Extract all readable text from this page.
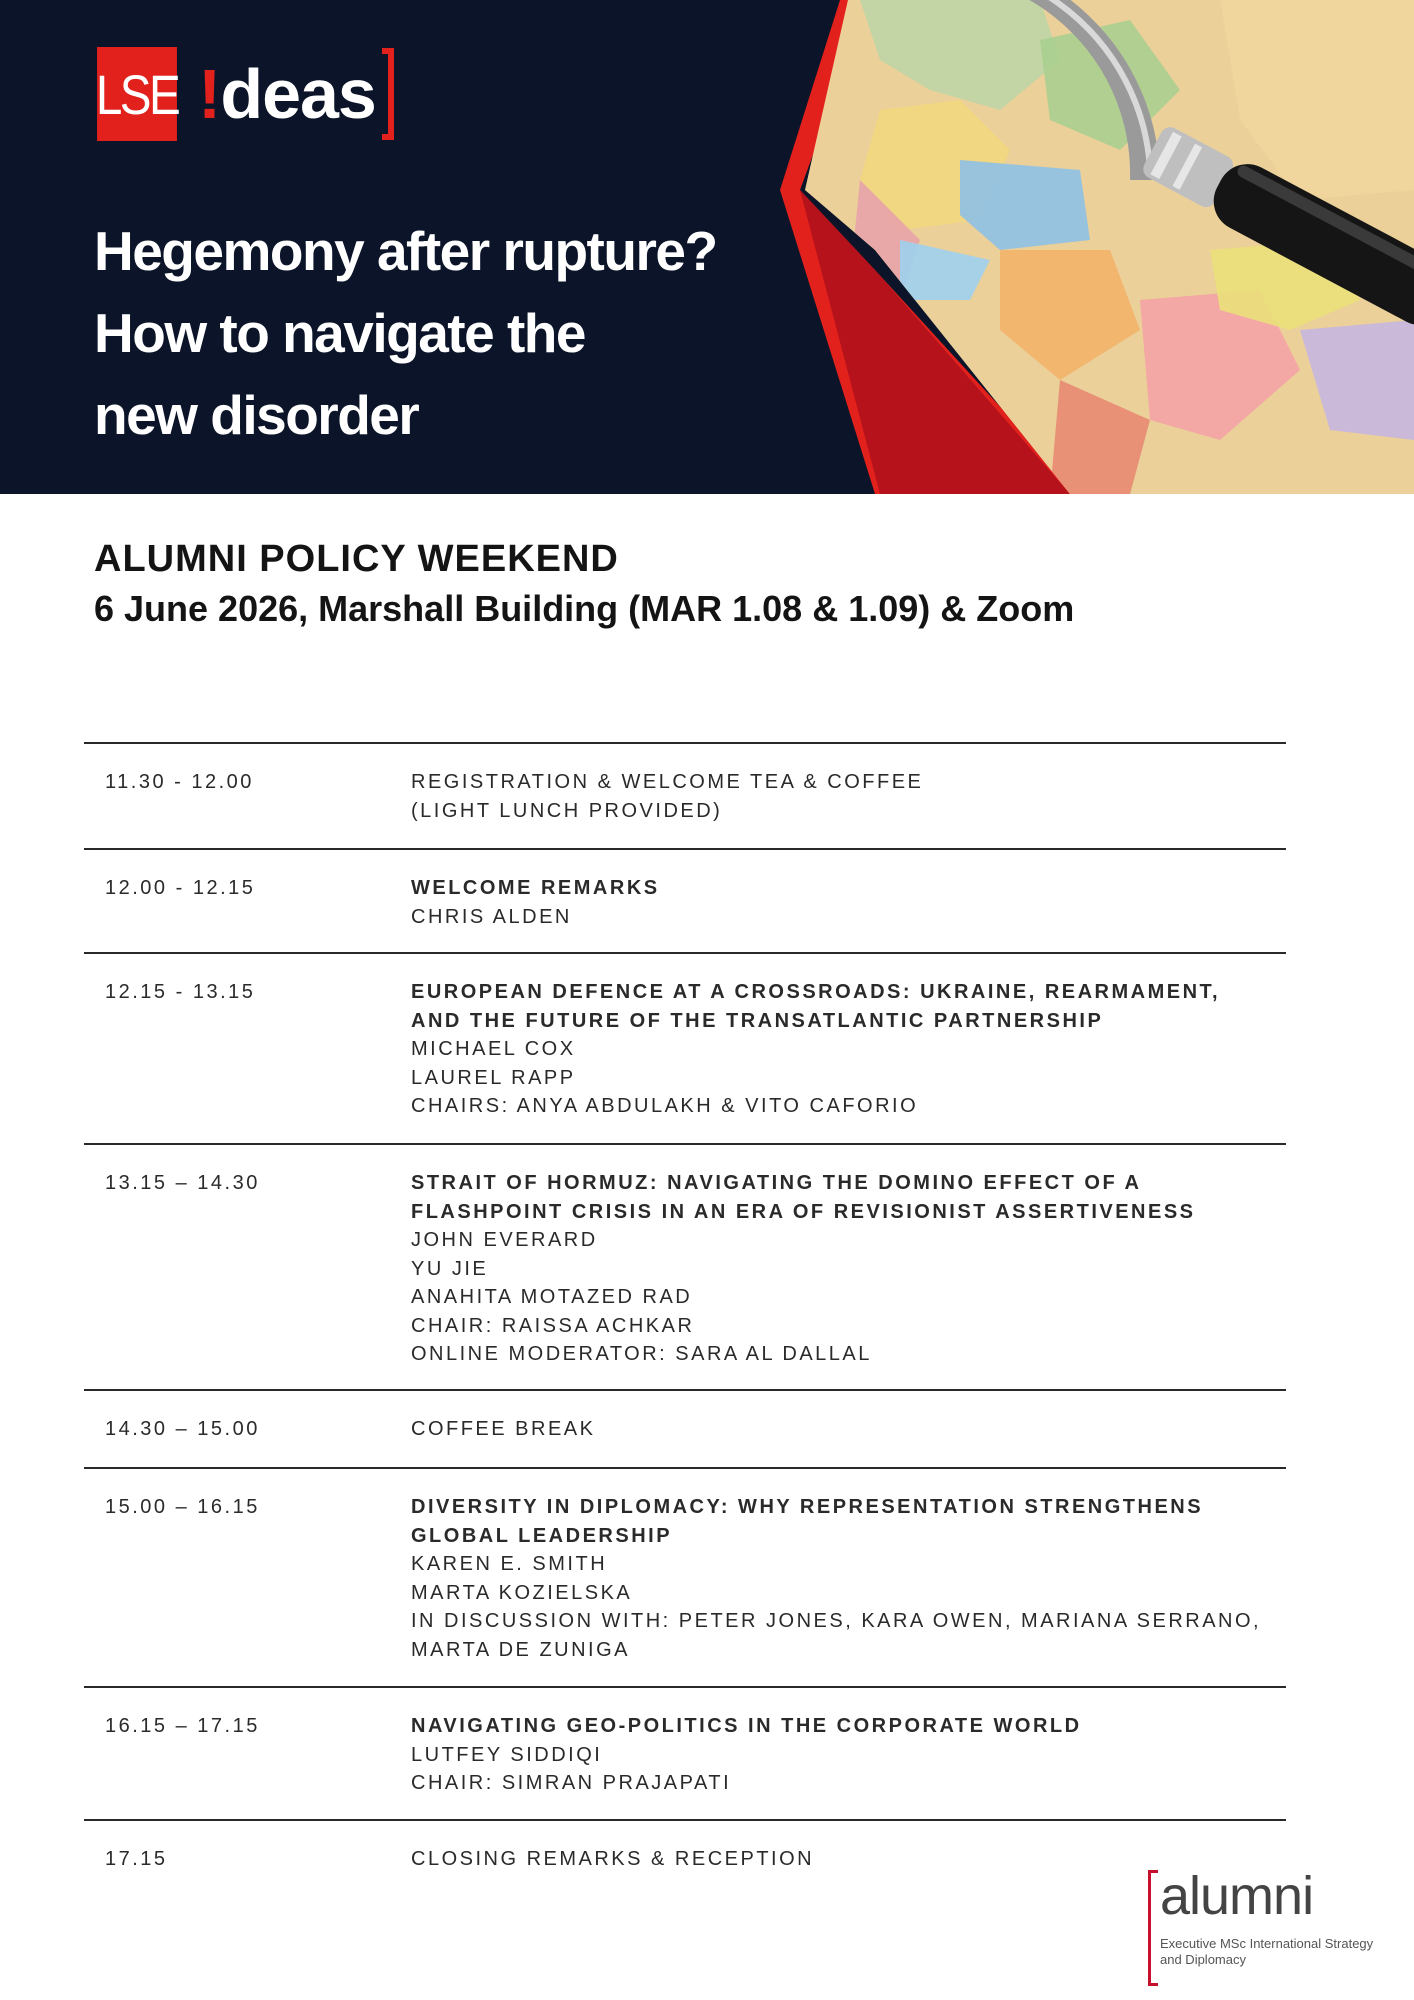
LSE !deas
Hegemony after rupture?
How to navigate the
new disorder
ALUMNI POLICY WEEKEND
6 June 2026, Marshall Building (MAR 1.08 & 1.09) & Zoom
11.30 - 12.00	REGISTRATION & WELCOME TEA & COFFEE
(LIGHT LUNCH PROVIDED)
12.00 - 12.15	WELCOME REMARKS
CHRIS ALDEN
12.15 - 13.15	EUROPEAN DEFENCE AT A CROSSROADS: UKRAINE, REARMAMENT,
AND THE FUTURE OF THE TRANSATLANTIC PARTNERSHIP
MICHAEL COX
LAUREL RAPP
CHAIRS: ANYA ABDULAKH & VITO CAFORIO
13.15 – 14.30	STRAIT OF HORMUZ: NAVIGATING THE DOMINO EFFECT OF A
FLASHPOINT CRISIS IN AN ERA OF REVISIONIST ASSERTIVENESS
JOHN EVERARD
YU JIE
ANAHITA MOTAZED RAD
CHAIR: RAISSA ACHKAR
ONLINE MODERATOR: SARA AL DALLAL
14.30 – 15.00	COFFEE BREAK
15.00 – 16.15	DIVERSITY IN DIPLOMACY: WHY REPRESENTATION STRENGTHENS
GLOBAL LEADERSHIP
KAREN E. SMITH
MARTA KOZIELSKA
IN DISCUSSION WITH: PETER JONES, KARA OWEN, MARIANA SERRANO,
MARTA DE ZUNIGA
16.15 – 17.15	NAVIGATING GEO-POLITICS IN THE CORPORATE WORLD
LUTFEY SIDDIQI
CHAIR: SIMRAN PRAJAPATI
17.15	CLOSING REMARKS & RECEPTION
alumni
Executive MSc International Strategy
and Diplomacy
